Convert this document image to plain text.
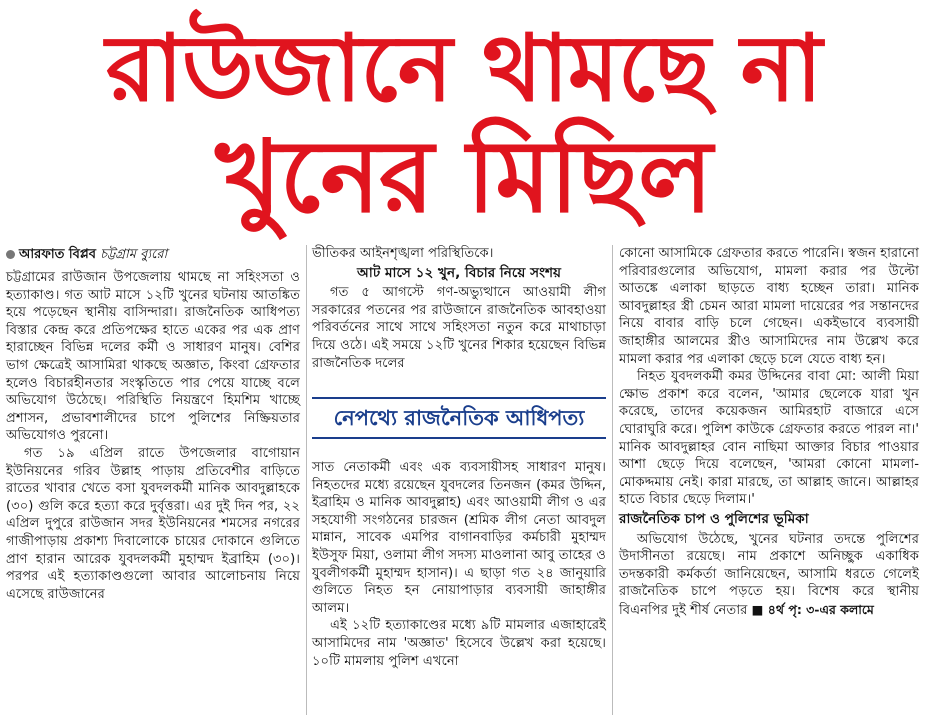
রাউজানে থামছে না
খুনের মিছিল

আরফাত বিপ্লব চট্টগ্রাম ব্যুরো

চট্টগ্রামের রাউজান উপজেলায় থামছে না সহিংসতা ও হত্যাকাণ্ড। গত আট মাসে ১২টি খুনের ঘটনায় আতঙ্কিত হয়ে পড়েছেন স্থানীয় বাসিন্দারা। রাজনৈতিক আধিপত্য বিস্তার কেন্দ্র করে প্রতিপক্ষের হাতে একের পর এক প্রাণ হারাচ্ছেন বিভিন্ন দলের কর্মী ও সাধারণ মানুষ। বেশির ভাগ ক্ষেত্রেই আসামিরা থাকছে অজ্ঞাত, কিংবা গ্রেফতার হলেও বিচারহীনতার সংস্কৃতিতে পার পেয়ে যাচ্ছে বলে অভিযোগ উঠেছে। পরিস্থিতি নিয়ন্ত্রণে হিমশিম খাচ্ছে প্রশাসন, প্রভাবশালীদের চাপে পুলিশের নিষ্ক্রিয়তার অভিযোগও পুরনো।

গত ১৯ এপ্রিল রাতে উপজেলার বাগোয়ান ইউনিয়নের গরিব উল্লাহ পাড়ায় প্রতিবেশীর বাড়িতে রাতের খাবার খেতে বসা যুবদলকর্মী মানিক আবদুল্লাহকে (৩০) গুলি করে হত্যা করে দুর্বৃত্তরা। এর দুই দিন পর, ২২ এপ্রিল দুপুরে রাউজান সদর ইউনিয়নের শমসের নগরের গাজীপাড়ায় প্রকাশ্য দিবালোকে চায়ের দোকানে গুলিতে প্রাণ হারান আরেক যুবদলকর্মী মুহাম্মদ ইব্রাহিম (৩০)। পরপর এই হত্যাকাণ্ডগুলো আবার আলোচনায় নিয়ে এসেছে রাউজানের

ভীতিকর আইনশৃঙ্খলা পরিস্থিতিকে।

আট মাসে ১২ খুন, বিচার নিয়ে সংশয়

গত ৫ আগস্টে গণ-অভ্যুত্থানে আওয়ামী লীগ সরকারের পতনের পর রাউজানে রাজনৈতিক আবহাওয়া পরিবর্তনের সাথে সাথে সহিংসতা নতুন করে মাথাচাড়া দিয়ে ওঠে। এই সময়ে ১২টি খুনের শিকার হয়েছেন বিভিন্ন রাজনৈতিক দলের

নেপথ্যে রাজনৈতিক আধিপত্য

সাত নেতাকর্মী এবং এক ব্যবসায়ীসহ সাধারণ মানুষ। নিহতদের মধ্যে রয়েছেন যুবদলের তিনজন (কমর উদ্দিন, ইব্রাহিম ও মানিক আবদুল্লাহ) এবং আওয়ামী লীগ ও এর সহযোগী সংগঠনের চারজন (শ্রমিক লীগ নেতা আবদুল মান্নান, সাবেক এমপির বাগানবাড়ির কর্মচারী মুহাম্মদ ইউসুফ মিয়া, ওলামা লীগ সদস্য মাওলানা আবু তাহের ও যুবলীগকর্মী মুহাম্মদ হাসান)। এ ছাড়া গত ২৪ জানুয়ারি গুলিতে নিহত হন নোয়াপাড়ার ব্যবসায়ী জাহাঙ্গীর আলম।

এই ১২টি হত্যাকাণ্ডের মধ্যে ৯টি মামলার এজাহারেই আসামিদের নাম 'অজ্ঞাত' হিসেবে উল্লেখ করা হয়েছে। ১০টি মামলায় পুলিশ এখনো

কোনো আসামিকে গ্রেফতার করতে পারেনি। স্বজন হারানো পরিবারগুলোর অভিযোগ, মামলা করার পর উল্টো আতঙ্কে এলাকা ছাড়তে বাধ্য হচ্ছেন তারা। মানিক আবদুল্লাহর স্ত্রী চেমন আরা মামলা দায়েরের পর সন্তানদের নিয়ে বাবার বাড়ি চলে গেছেন। একইভাবে ব্যবসায়ী জাহাঙ্গীর আলমের স্ত্রীও আসামিদের নাম উল্লেখ করে মামলা করার পর এলাকা ছেড়ে চলে যেতে বাধ্য হন।

নিহত যুবদলকর্মী কমর উদ্দিনের বাবা মো: আলী মিয়া ক্ষোভ প্রকাশ করে বলেন, 'আমার ছেলেকে যারা খুন করেছে, তাদের কয়েকজন আমিরহাট বাজারে এসে ঘোরাঘুরি করে। পুলিশ কাউকে গ্রেফতার করতে পারল না।' মানিক আবদুল্লাহর বোন নাছিমা আক্তার বিচার পাওয়ার আশা ছেড়ে দিয়ে বলেছেন, 'আমরা কোনো মামলা-মোকদ্দমায় নেই। কারা মারছে, তা আল্লাহ জানে। আল্লাহর হাতে বিচার ছেড়ে দিলাম।'

রাজনৈতিক চাপ ও পুলিশের ভূমিকা

অভিযোগ উঠেছে, খুনের ঘটনার তদন্তে পুলিশের উদাসীনতা রয়েছে। নাম প্রকাশে অনিচ্ছুক একাধিক তদন্তকারী কর্মকর্তা জানিয়েছেন, আসামি ধরতে গেলেই রাজনৈতিক চাপে পড়তে হয়। বিশেষ করে স্থানীয় বিএনপির দুই শীর্ষ নেতার ■ ৪র্থ পৃ: ৩-এর কলামে
